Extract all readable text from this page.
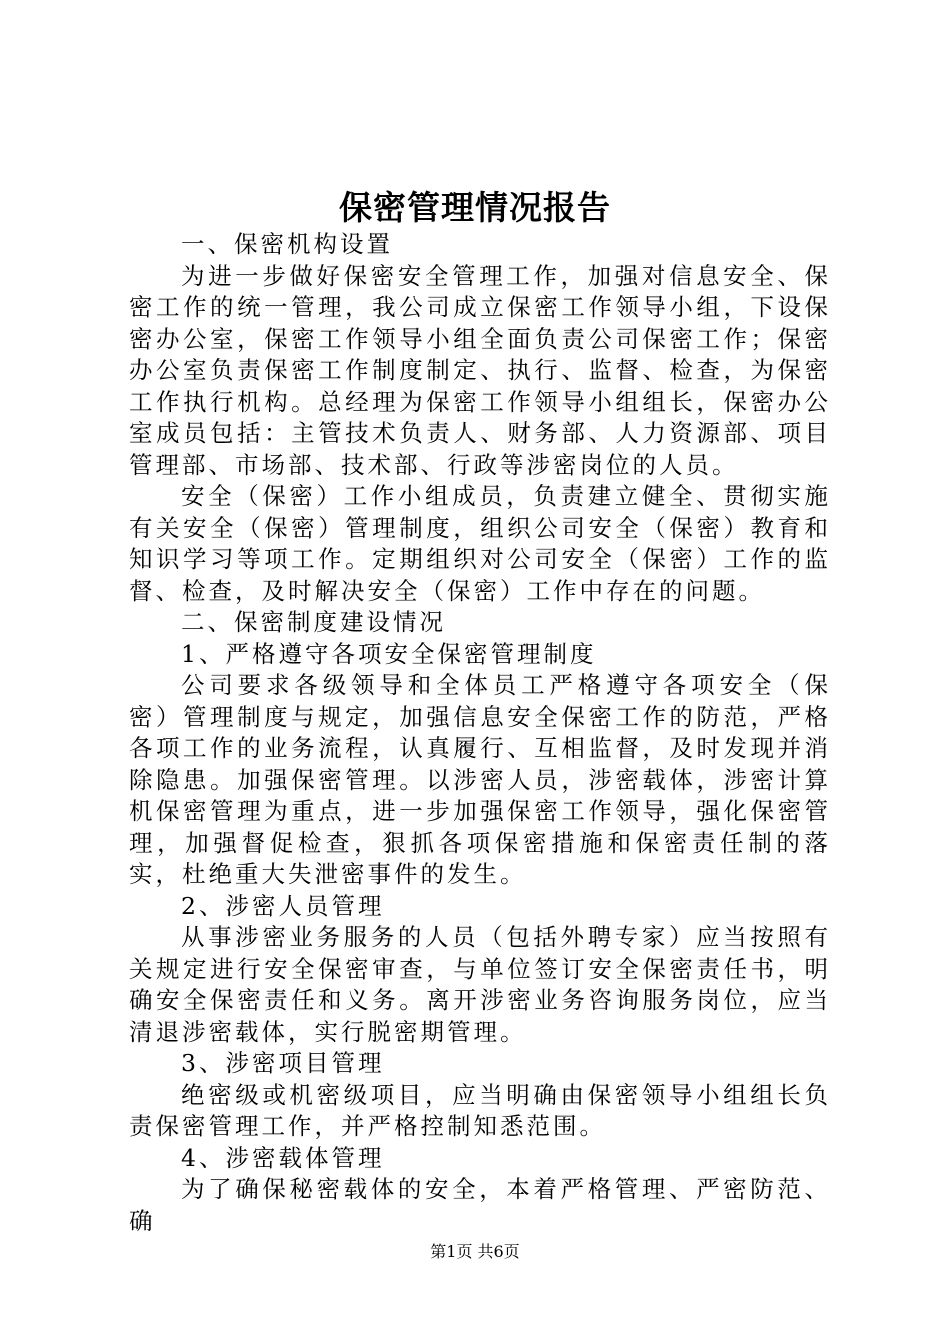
保密管理情况报告

一、保密机构设置

为进一步做好保密安全管理工作，加强对信息安全、保密工作的统一管理，我公司成立保密工作领导小组，下设保密办公室，保密工作领导小组全面负责公司保密工作；保密办公室负责保密工作制度制定、执行、监督、检查，为保密工作执行机构。总经理为保密工作领导小组组长，保密办公室成员包括：主管技术负责人、财务部、人力资源部、项目管理部、市场部、技术部、行政等涉密岗位的人员。

安全（保密）工作小组成员，负责建立健全、贯彻实施有关安全（保密）管理制度，组织公司安全（保密）教育和知识学习等项工作。定期组织对公司安全（保密）工作的监督、检查，及时解决安全（保密）工作中存在的问题。

二、保密制度建设情况

1、严格遵守各项安全保密管理制度

公司要求各级领导和全体员工严格遵守各项安全（保密）管理制度与规定，加强信息安全保密工作的防范，严格各项工作的业务流程，认真履行、互相监督，及时发现并消除隐患。加强保密管理。以涉密人员，涉密载体，涉密计算机保密管理为重点，进一步加强保密工作领导，强化保密管理，加强督促检查，狠抓各项保密措施和保密责任制的落实，杜绝重大失泄密事件的发生。

2、涉密人员管理

从事涉密业务服务的人员（包括外聘专家）应当按照有关规定进行安全保密审查，与单位签订安全保密责任书，明确安全保密责任和义务。离开涉密业务咨询服务岗位，应当清退涉密载体，实行脱密期管理。

3、涉密项目管理

绝密级或机密级项目，应当明确由保密领导小组组长负责保密管理工作，并严格控制知悉范围。

4、涉密载体管理

为了确保秘密载体的安全，本着严格管理、严密防范、确

第1页 共6页
